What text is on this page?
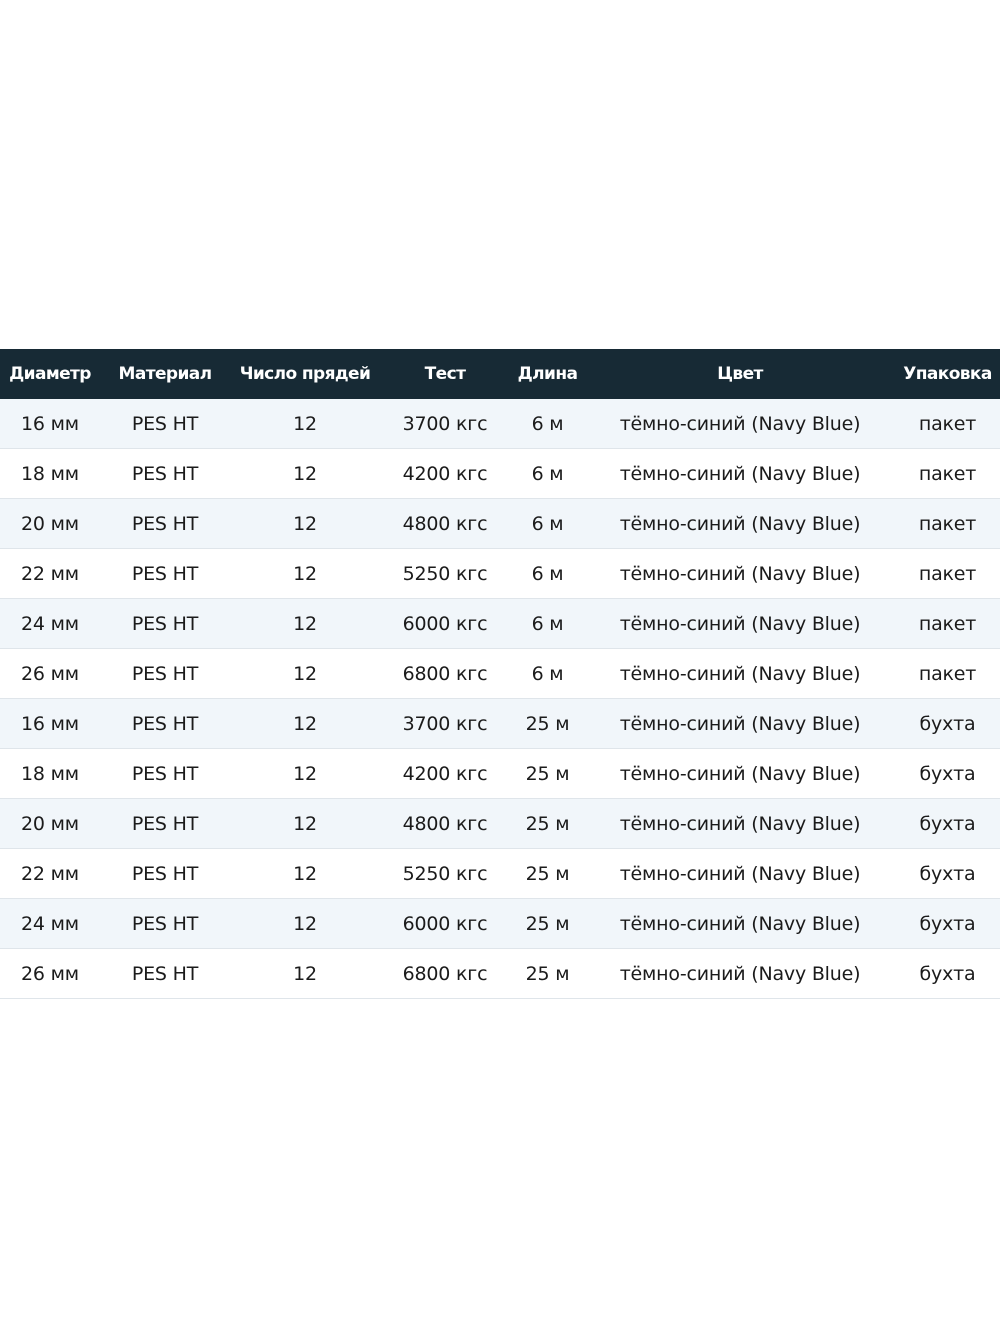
Диаметр	Материал	Число прядей	Тест	Длина	Цвет	Упаковка
16 мм	PES HT	12	3700 кгс	6 м	тёмно-синий (Navy Blue)	пакет
18 мм	PES HT	12	4200 кгс	6 м	тёмно-синий (Navy Blue)	пакет
20 мм	PES HT	12	4800 кгс	6 м	тёмно-синий (Navy Blue)	пакет
22 мм	PES HT	12	5250 кгс	6 м	тёмно-синий (Navy Blue)	пакет
24 мм	PES HT	12	6000 кгс	6 м	тёмно-синий (Navy Blue)	пакет
26 мм	PES HT	12	6800 кгс	6 м	тёмно-синий (Navy Blue)	пакет
16 мм	PES HT	12	3700 кгс	25 м	тёмно-синий (Navy Blue)	бухта
18 мм	PES HT	12	4200 кгс	25 м	тёмно-синий (Navy Blue)	бухта
20 мм	PES HT	12	4800 кгс	25 м	тёмно-синий (Navy Blue)	бухта
22 мм	PES HT	12	5250 кгс	25 м	тёмно-синий (Navy Blue)	бухта
24 мм	PES HT	12	6000 кгс	25 м	тёмно-синий (Navy Blue)	бухта
26 мм	PES HT	12	6800 кгс	25 м	тёмно-синий (Navy Blue)	бухта
